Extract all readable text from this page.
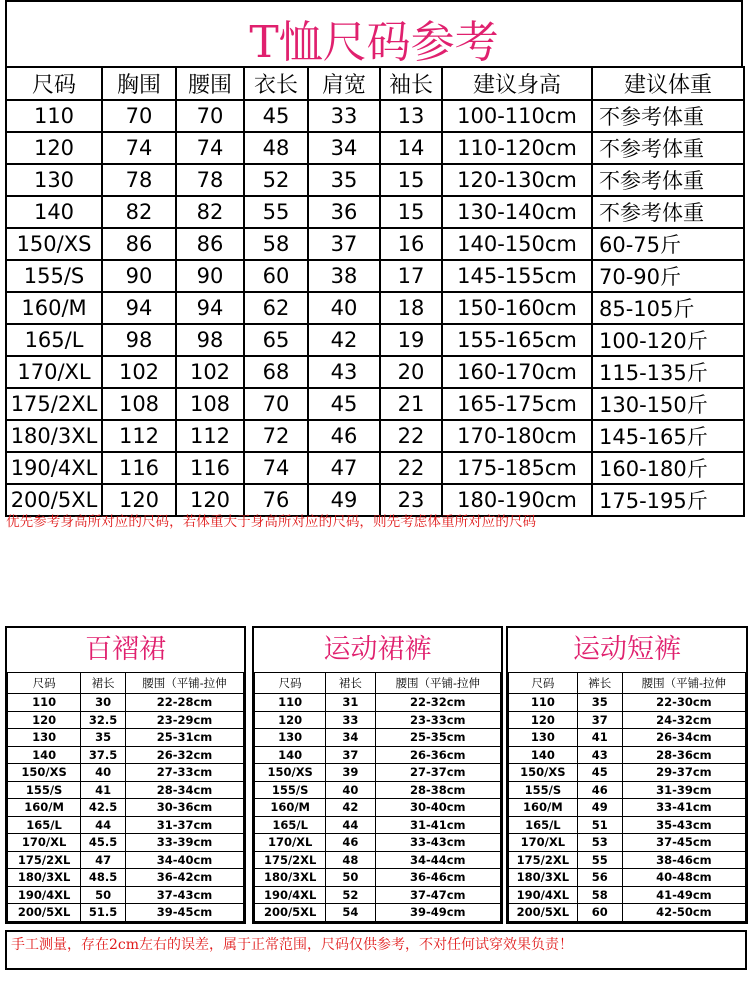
T恤尺码参考
尺码	胸围	腰围	衣长	肩宽	袖长	建议身高	建议体重
110	70	70	45	33	13	100-110cm	不参考体重
120	74	74	48	34	14	110-120cm	不参考体重
130	78	78	52	35	15	120-130cm	不参考体重
140	82	82	55	36	15	130-140cm	不参考体重
150/XS	86	86	58	37	16	140-150cm	60-75斤
155/S	90	90	60	38	17	145-155cm	70-90斤
160/M	94	94	62	40	18	150-160cm	85-105斤
165/L	98	98	65	42	19	155-165cm	100-120斤
170/XL	102	102	68	43	20	160-170cm	115-135斤
175/2XL	108	108	70	45	21	165-175cm	130-150斤
180/3XL	112	112	72	46	22	170-180cm	145-165斤
190/4XL	116	116	74	47	22	175-185cm	160-180斤
200/5XL	120	120	76	49	23	180-190cm	175-195斤
优先参考身高所对应的尺码，若体重大于身高所对应的尺码，则先考虑体重所对应的尺码
百褶裙
尺码	裙长	腰围（平铺-拉伸
110	30	22-28cm
120	32.5	23-29cm
130	35	25-31cm
140	37.5	26-32cm
150/XS	40	27-33cm
155/S	41	28-34cm
160/M	42.5	30-36cm
165/L	44	31-37cm
170/XL	45.5	33-39cm
175/2XL	47	34-40cm
180/3XL	48.5	36-42cm
190/4XL	50	37-43cm
200/5XL	51.5	39-45cm
运动裙裤
尺码	裙长	腰围（平铺-拉伸
110	31	22-32cm
120	33	23-33cm
130	34	25-35cm
140	37	26-36cm
150/XS	39	27-37cm
155/S	40	28-38cm
160/M	42	30-40cm
165/L	44	31-41cm
170/XL	46	33-43cm
175/2XL	48	34-44cm
180/3XL	50	36-46cm
190/4XL	52	37-47cm
200/5XL	54	39-49cm
运动短裤
尺码	裤长	腰围（平铺-拉伸
110	35	22-30cm
120	37	24-32cm
130	41	26-34cm
140	43	28-36cm
150/XS	45	29-37cm
155/S	46	31-39cm
160/M	49	33-41cm
165/L	51	35-43cm
170/XL	53	37-45cm
175/2XL	55	38-46cm
180/3XL	56	40-48cm
190/4XL	58	41-49cm
200/5XL	60	42-50cm
手工测量，存在2cm左右的误差，属于正常范围，尺码仅供参考，不对任何试穿效果负责！
